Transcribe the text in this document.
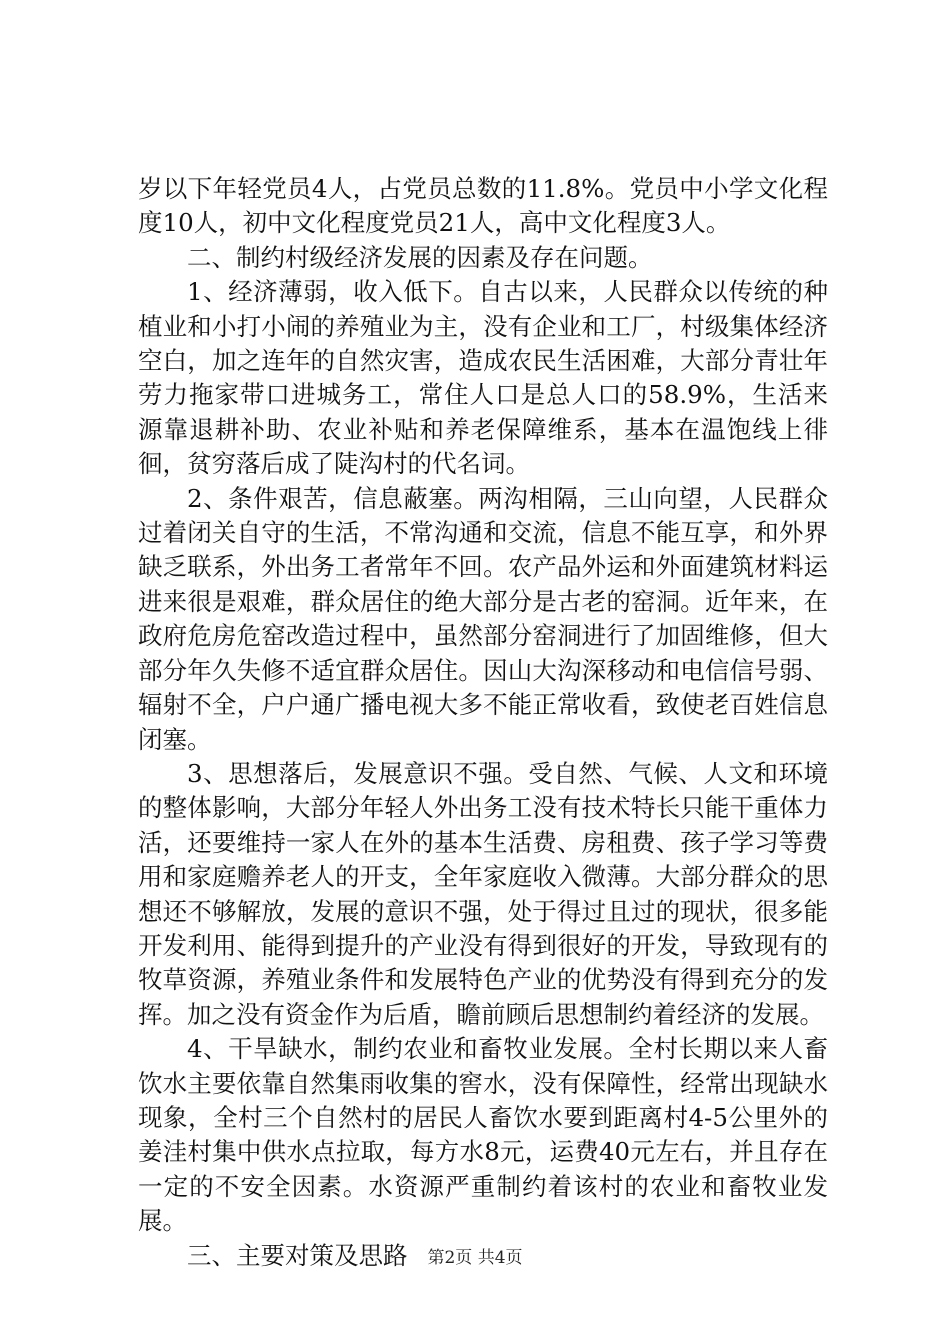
岁以下年轻党员4人，占党员总数的11.8%。党员中小学文化程度10人，初中文化程度党员21人，高中文化程度3人。

二、制约村级经济发展的因素及存在问题。

1、经济薄弱，收入低下。自古以来，人民群众以传统的种植业和小打小闹的养殖业为主，没有企业和工厂，村级集体经济空白，加之连年的自然灾害，造成农民生活困难，大部分青壮年劳力拖家带口进城务工，常住人口是总人口的58.9%，生活来源靠退耕补助、农业补贴和养老保障维系，基本在温饱线上徘徊，贫穷落后成了陡沟村的代名词。

2、条件艰苦，信息蔽塞。两沟相隔，三山向望，人民群众过着闭关自守的生活，不常沟通和交流，信息不能互享，和外界缺乏联系，外出务工者常年不回。农产品外运和外面建筑材料运进来很是艰难，群众居住的绝大部分是古老的窑洞。近年来，在政府危房危窑改造过程中，虽然部分窑洞进行了加固维修，但大部分年久失修不适宜群众居住。因山大沟深移动和电信信号弱、辐射不全，户户通广播电视大多不能正常收看，致使老百姓信息闭塞。

3、思想落后，发展意识不强。受自然、气候、人文和环境的整体影响，大部分年轻人外出务工没有技术特长只能干重体力活，还要维持一家人在外的基本生活费、房租费、孩子学习等费用和家庭赡养老人的开支，全年家庭收入微薄。大部分群众的思想还不够解放，发展的意识不强，处于得过且过的现状，很多能开发利用、能得到提升的产业没有得到很好的开发，导致现有的牧草资源，养殖业条件和发展特色产业的优势没有得到充分的发挥。加之没有资金作为后盾，瞻前顾后思想制约着经济的发展。

4、干旱缺水，制约农业和畜牧业发展。全村长期以来人畜饮水主要依靠自然集雨收集的窖水，没有保障性，经常出现缺水现象，全村三个自然村的居民人畜饮水要到距离村4-5公里外的姜洼村集中供水点拉取，每方水8元，运费40元左右，并且存在一定的不安全因素。水资源严重制约着该村的农业和畜牧业发展。

三、主要对策及思路	第2页 共4页
